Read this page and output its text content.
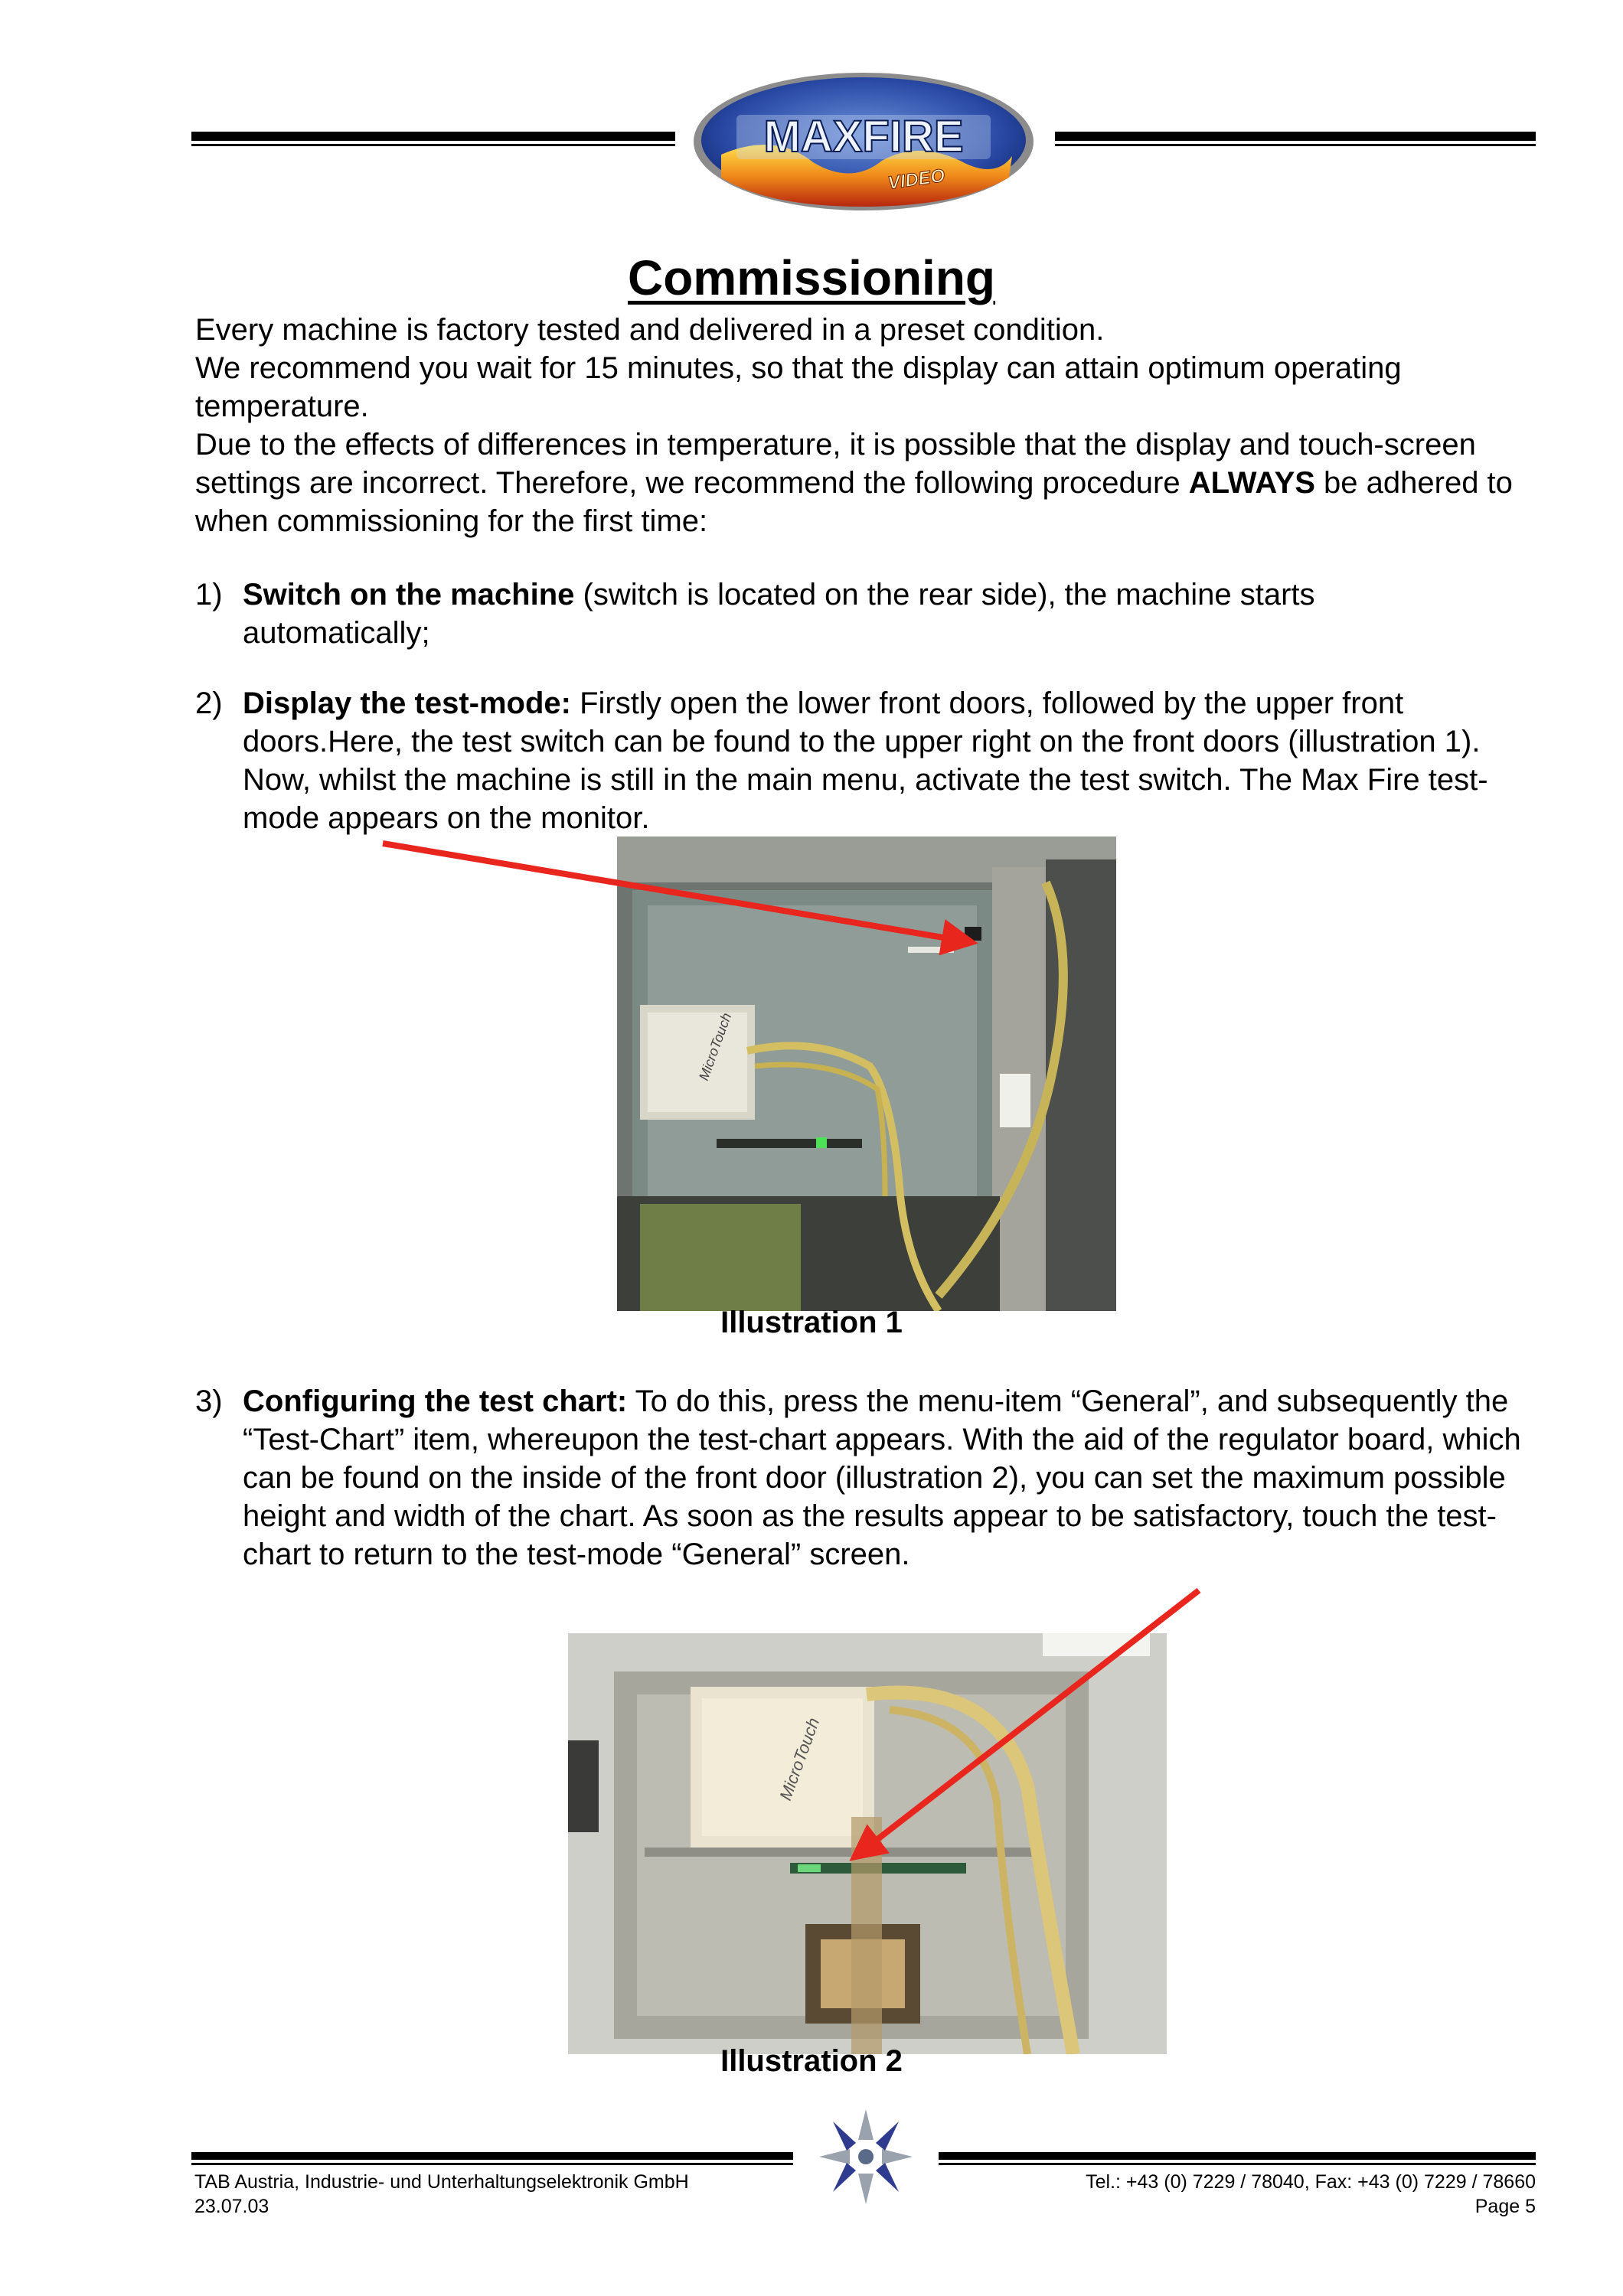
MAXFIRE
VIDEO
Commissioning
Every machine is factory tested and delivered in a preset condition.
We recommend you wait for 15 minutes, so that the display can attain optimum operating temperature.
Due to the effects of differences in temperature, it is possible that the display and touch-screen settings are incorrect. Therefore, we recommend the following procedure ALWAYS be adhered to when commissioning for the first time:
1) Switch on the machine (switch is located on the rear side), the machine starts automatically;
2) Display the test-mode: Firstly open the lower front doors, followed by the upper front doors.Here, the test switch can be found to the upper right on the front doors (illustration 1). Now, whilst the machine is still in the main menu, activate the test switch. The Max Fire test-mode appears on the monitor.
MicroTouch
Illustration 1
3) Configuring the test chart: To do this, press the menu-item “General”, and subsequently the “Test-Chart” item, whereupon the test-chart appears. With the aid of the regulator board, which can be found on the inside of the front door (illustration 2), you can set the maximum possible height and width of the chart. As soon as the results appear to be satisfactory, touch the test-chart to return to the test-mode “General” screen.
MicroTouch
Illustration 2
TAB Austria, Industrie- und Unterhaltungselektronik GmbH
23.07.03
Tel.: +43 (0) 7229 / 78040, Fax: +43 (0) 7229 / 78660
Page 5
